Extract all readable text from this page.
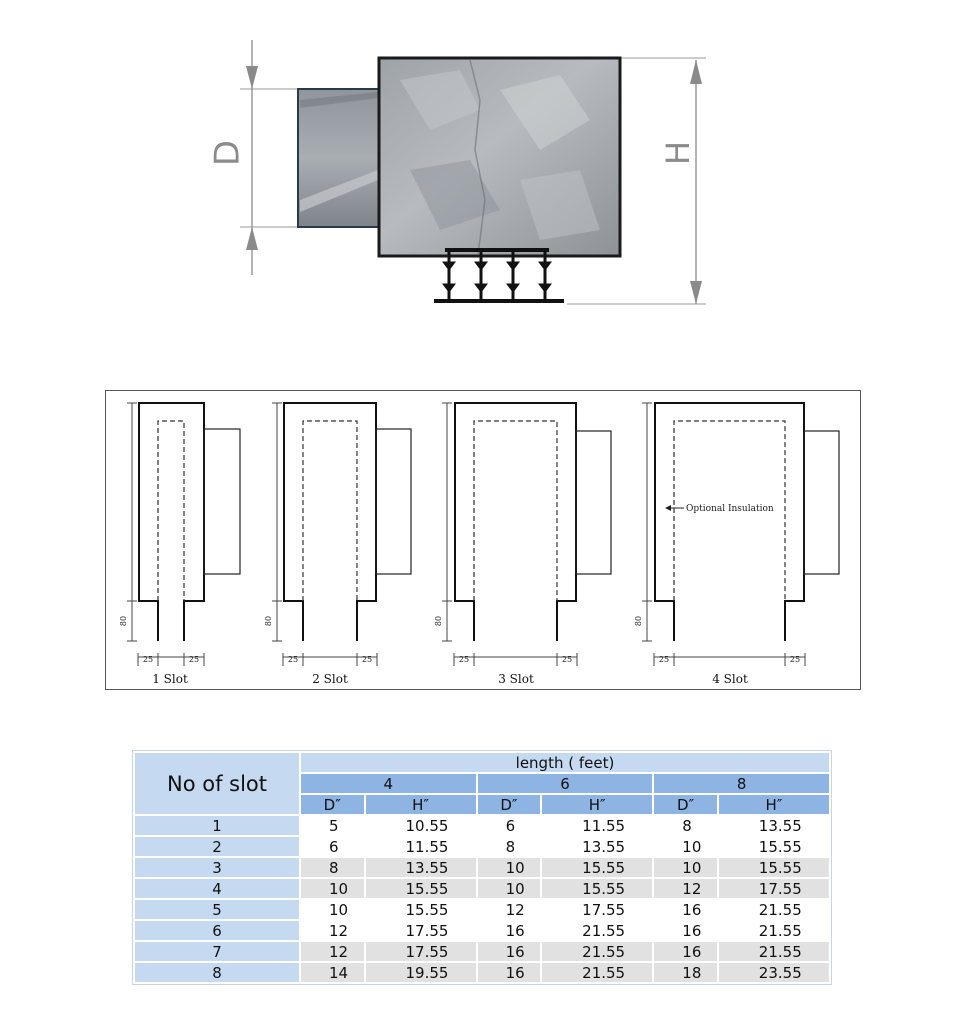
D	H
1 Slot
25	25
80
2 Slot
25	25
80
3 Slot
25	25
80
4 Slot
25	25
80
Optional Insulation
No of slot	length ( feet)					
	4		6		8	
	D″	H″	D″	H″	D″	H″
1	5	10.55	6	11.55	8	13.55
2	6	11.55	8	13.55	10	15.55
3	8	13.55	10	15.55	10	15.55
4	10	15.55	10	15.55	12	17.55
5	10	15.55	12	17.55	16	21.55
6	12	17.55	16	21.55	16	21.55
7	12	17.55	16	21.55	16	21.55
8	14	19.55	16	21.55	18	23.55
